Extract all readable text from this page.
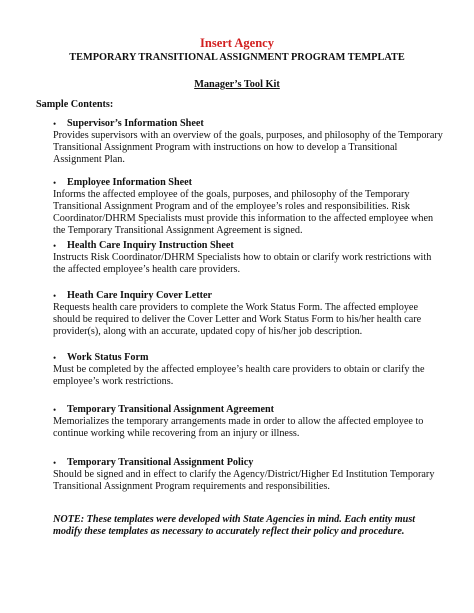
Insert Agency
TEMPORARY TRANSITIONAL ASSIGNMENT PROGRAM TEMPLATE
Manager’s Tool Kit
Sample Contents:
•	Supervisor’s Information Sheet
Provides supervisors with an overview of the goals, purposes, and philosophy of the Temporary Transitional Assignment Program with instructions on how to develop a Transitional Assignment Plan.
•	Employee Information Sheet
Informs the affected employee of the goals, purposes, and philosophy of the Temporary Transitional Assignment Program and of the employee’s roles and responsibilities. Risk Coordinator/DHRM Specialists must provide this information to the affected employee when the Temporary Transitional Assignment Agreement is signed.
•	Health Care Inquiry Instruction Sheet
Instructs Risk Coordinator/DHRM Specialists how to obtain or clarify work restrictions with the affected employee’s health care providers.
•	Heath Care Inquiry Cover Letter
Requests health care providers to complete the Work Status Form. The affected employee should be required to deliver the Cover Letter and Work Status Form to his/her health care provider(s), along with an accurate, updated copy of his/her job description.
•	Work Status Form
Must be completed by the affected employee’s health care providers to obtain or clarify the employee’s work restrictions.
•	Temporary Transitional Assignment Agreement
Memorializes the temporary arrangements made in order to allow the affected employee to continue working while recovering from an injury or illness.
•	Temporary Transitional Assignment Policy
Should be signed and in effect to clarify the Agency/District/Higher Ed Institution Temporary Transitional Assignment Program requirements and responsibilities.
NOTE: These templates were developed with State Agencies in mind. Each entity must modify these templates as necessary to accurately reflect their policy and procedure.
